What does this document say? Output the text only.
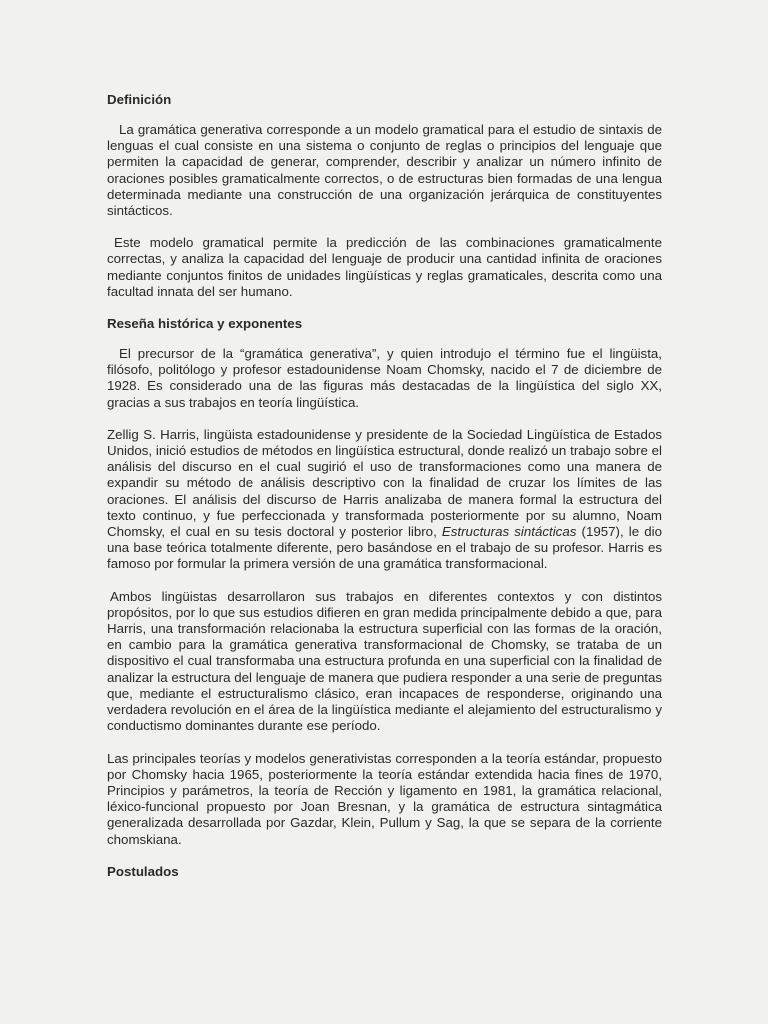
Definición

La gramática generativa corresponde a un modelo gramatical para el estudio de sintaxis de lenguas el cual consiste en una sistema o conjunto de reglas o principios del lenguaje que permiten la capacidad de generar, comprender, describir y analizar un número infinito de oraciones posibles gramaticalmente correctos, o de estructuras bien formadas de una lengua determinada mediante una construcción de una organización jerárquica de constituyentes sintácticos.

Este modelo gramatical permite la predicción de las combinaciones gramaticalmente correctas, y analiza la capacidad del lenguaje de producir una cantidad infinita de oraciones mediante conjuntos finitos de unidades lingüísticas y reglas gramaticales, descrita como una facultad innata del ser humano.

Reseña histórica y exponentes

El precursor de la “gramática generativa”, y quien introdujo el término fue el lingüista, filósofo, politólogo y profesor estadounidense Noam Chomsky, nacido el 7 de diciembre de 1928. Es considerado una de las figuras más destacadas de la lingüística del siglo XX, gracias a sus trabajos en teoría lingüística.

Zellig S. Harris, lingüista estadounidense y presidente de la Sociedad Lingüística de Estados Unidos, inició estudios de métodos en lingüística estructural, donde realizó un trabajo sobre el análisis del discurso en el cual sugirió el uso de transformaciones como una manera de expandir su método de análisis descriptivo con la finalidad de cruzar los límites de las oraciones. El análisis del discurso de Harris analizaba de manera formal la estructura del texto continuo, y fue perfeccionada y transformada posteriormente por su alumno, Noam Chomsky, el cual en su tesis doctoral y posterior libro, Estructuras sintácticas (1957), le dio una base teórica totalmente diferente, pero basándose en el trabajo de su profesor. Harris es famoso por formular la primera versión de una gramática transformacional.

Ambos lingüistas desarrollaron sus trabajos en diferentes contextos y con distintos propósitos, por lo que sus estudios difieren en gran medida principalmente debido a que, para Harris, una transformación relacionaba la estructura superficial con las formas de la oración, en cambio para la gramática generativa transformacional de Chomsky, se trataba de un dispositivo el cual transformaba una estructura profunda en una superficial con la finalidad de analizar la estructura del lenguaje de manera que pudiera responder a una serie de preguntas que, mediante el estructuralismo clásico, eran incapaces de responderse, originando una verdadera revolución en el área de la lingüística mediante el alejamiento del estructuralismo y conductismo dominantes durante ese período.

Las principales teorías y modelos generativistas corresponden a la teoría estándar, propuesto por Chomsky hacia 1965, posteriormente la teoría estándar extendida hacia fines de 1970, Principios y parámetros, la teoría de Rección y ligamento en 1981, la gramática relacional, léxico-funcional propuesto por Joan Bresnan, y la gramática de estructura sintagmática generalizada desarrollada por Gazdar, Klein, Pullum y Sag, la que se separa de la corriente chomskiana.

Postulados
